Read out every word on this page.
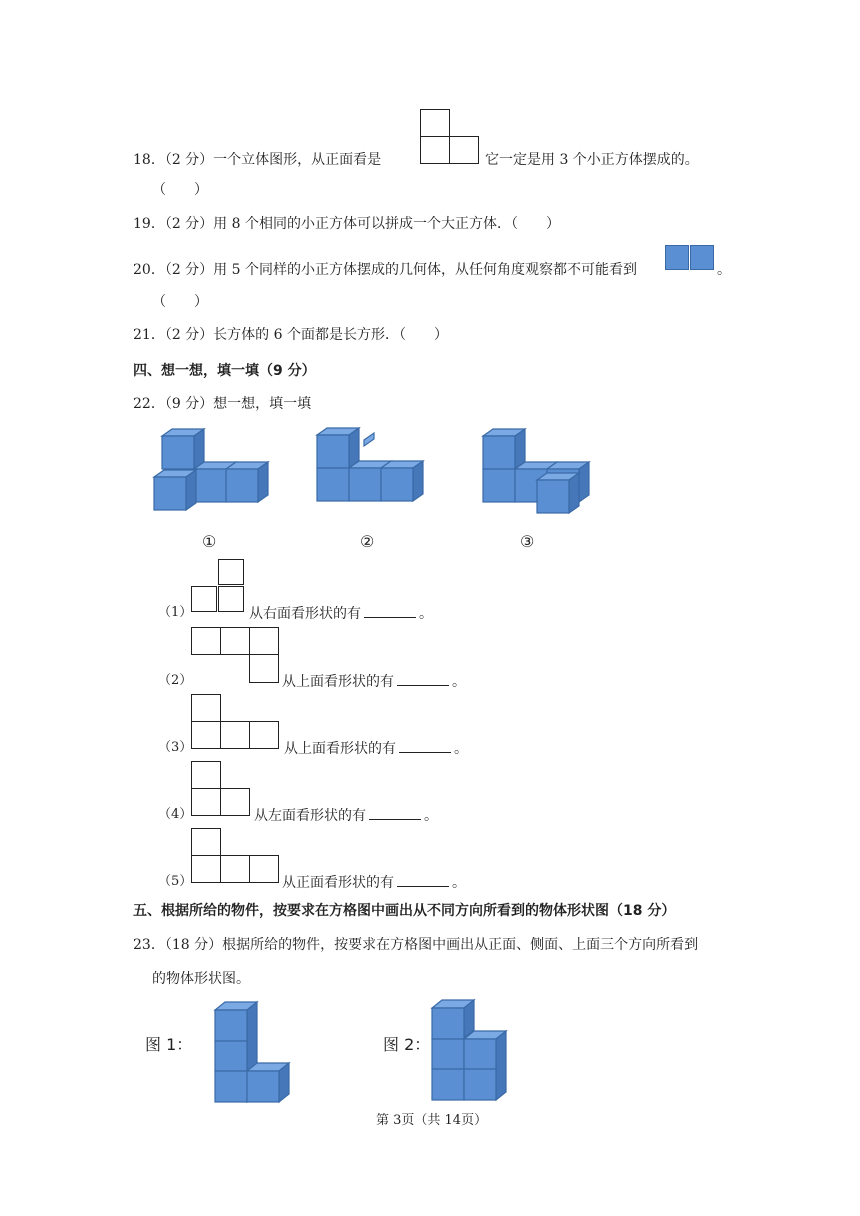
18．（2 分）一个立体图形，从正面看是	它一定是用 3 个小正方体摆成的。
（　　）
19．（2 分）用 8 个相同的小正方体可以拼成一个大正方体．（　　）
20．（2 分）用 5 个同样的小正方体摆成的几何体，从任何角度观察都不可能看到	。
（　　）
21．（2 分）长方体的 6 个面都是长方形．（　　）
四、想一想，填一填（9 分）
22．（9 分）想一想，填一填
①	②	③
（1）	从右面看形状的有	。
（2）	从上面看形状的有	。
（3）	从上面看形状的有	。
（4）	从左面看形状的有	。
（5）	从正面看形状的有	。
五、根据所给的物件，按要求在方格图中画出从不同方向所看到的物体形状图（18 分）
23．（18 分）根据所给的物件，按要求在方格图中画出从正面、侧面、上面三个方向所看到
的物体形状图。
图 1：	图 2：
第 3页（共 14页）
